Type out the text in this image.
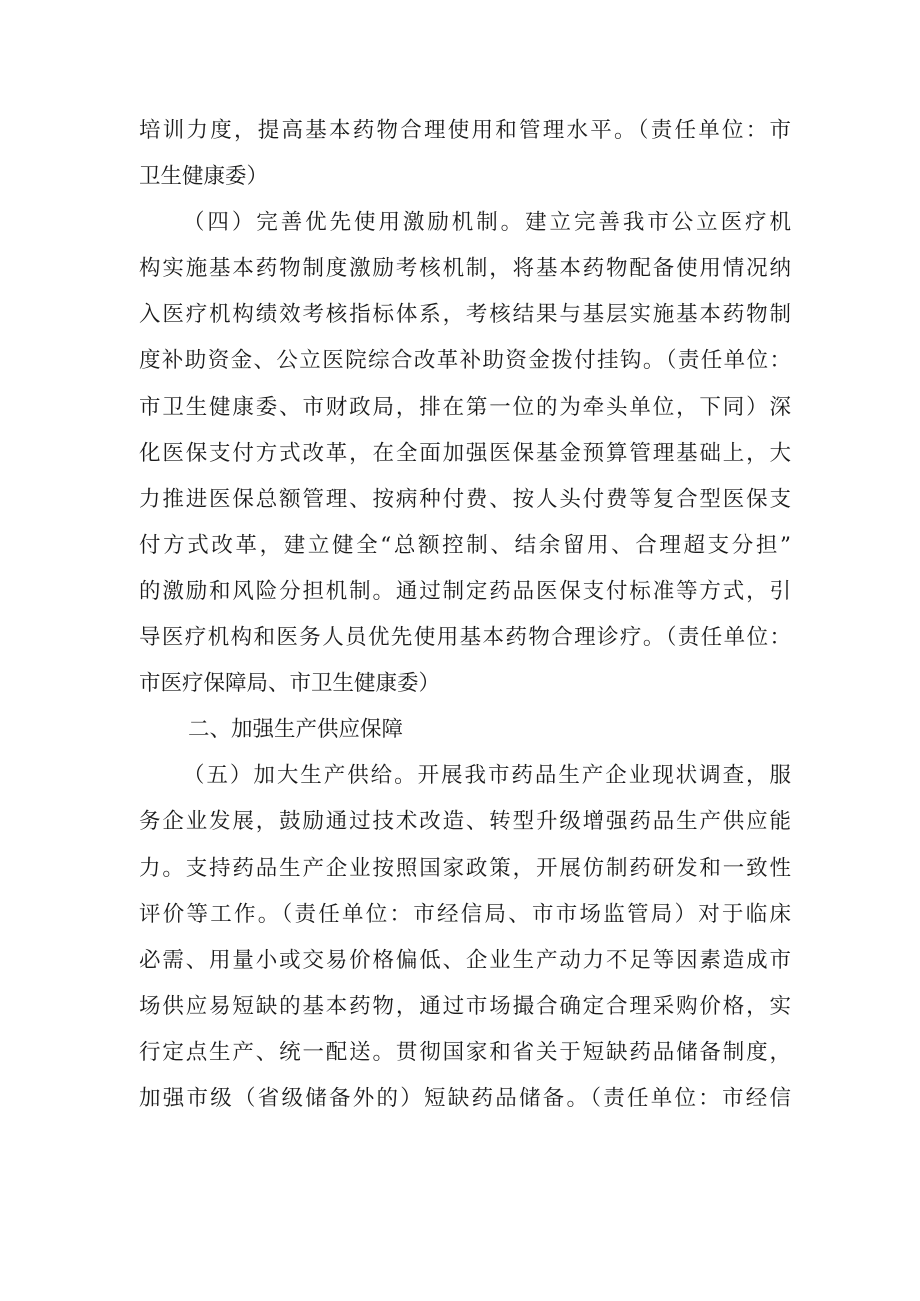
培训力度，提高基本药物合理使用和管理水平。（责任单位：市
卫生健康委）
（四）完善优先使用激励机制。建立完善我市公立医疗机
构实施基本药物制度激励考核机制，将基本药物配备使用情况纳
入医疗机构绩效考核指标体系，考核结果与基层实施基本药物制
度补助资金、公立医院综合改革补助资金拨付挂钩。（责任单位：
市卫生健康委、市财政局，排在第一位的为牵头单位，下同）深
化医保支付方式改革，在全面加强医保基金预算管理基础上，大
力推进医保总额管理、按病种付费、按人头付费等复合型医保支
付方式改革，建立健全“总额控制、结余留用、合理超支分担”
的激励和风险分担机制。通过制定药品医保支付标准等方式，引
导医疗机构和医务人员优先使用基本药物合理诊疗。（责任单位：
市医疗保障局、市卫生健康委）
二、加强生产供应保障
（五）加大生产供给。开展我市药品生产企业现状调查，服
务企业发展，鼓励通过技术改造、转型升级增强药品生产供应能
力。支持药品生产企业按照国家政策，开展仿制药研发和一致性
评价等工作。（责任单位：市经信局、市市场监管局）对于临床
必需、用量小或交易价格偏低、企业生产动力不足等因素造成市
场供应易短缺的基本药物，通过市场撮合确定合理采购价格，实
行定点生产、统一配送。贯彻国家和省关于短缺药品储备制度，
加强市级（省级储备外的）短缺药品储备。（责任单位：市经信
